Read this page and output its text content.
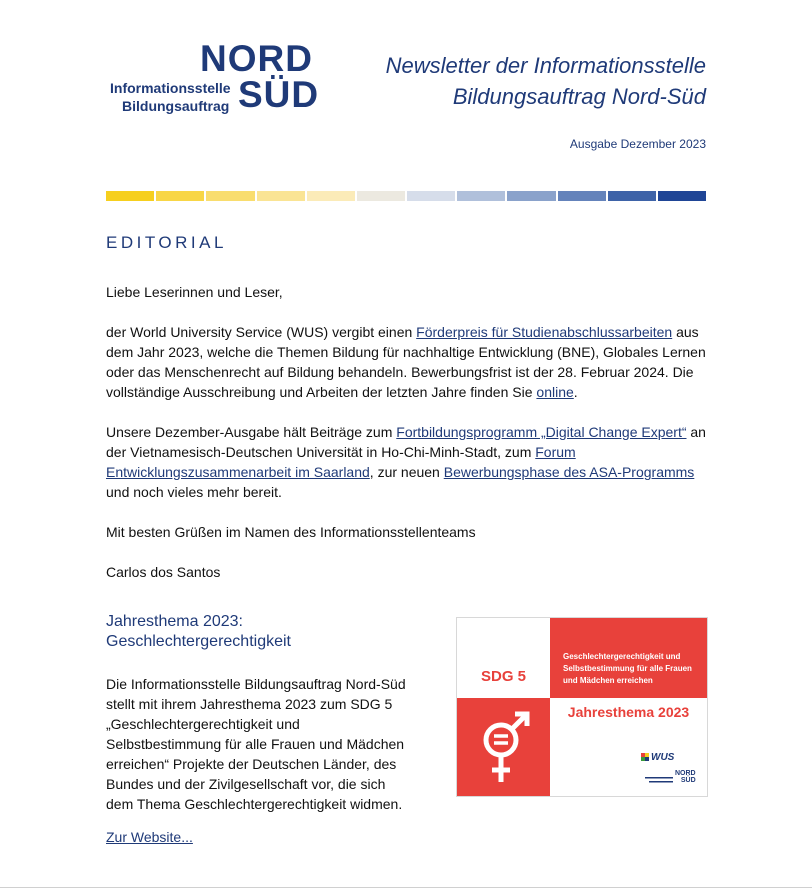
NORD
SÜD
Informationsstelle
Bildungsauftrag
Newsletter der Informationsstelle
Bildungsauftrag Nord-Süd
Ausgabe Dezember 2023
EDITORIAL

Liebe Leserinnen und Leser,

der World University Service (WUS) vergibt einen Förderpreis für Studienabschlussarbeiten aus dem Jahr 2023, welche die Themen Bildung für nachhaltige Entwicklung (BNE), Globales Lernen oder das Menschenrecht auf Bildung behandeln. Bewerbungsfrist ist der 28. Februar 2024. Die vollständige Ausschreibung und Arbeiten der letzten Jahre finden Sie online.

Unsere Dezember-Ausgabe hält Beiträge zum Fortbildungsprogramm „Digital Change Expert“ an der Vietnamesisch-Deutschen Universität in Ho-Chi-Minh-Stadt, zum Forum Entwicklungszusammenarbeit im Saarland, zur neuen Bewerbungsphase des ASA-Programms und noch vieles mehr bereit.

Mit besten Grüßen im Namen des Informationsstellenteams

Carlos dos Santos

Jahresthema 2023:
Geschlechtergerechtigkeit

Die Informationsstelle Bildungsauftrag Nord-Süd stellt mit ihrem Jahresthema 2023 zum SDG 5 „Geschlechtergerechtigkeit und Selbstbestimmung für alle Frauen und Mädchen erreichen“ Projekte der Deutschen Länder, des Bundes und der Zivilgesellschaft vor, die sich dem Thema Geschlechtergerechtigkeit widmen.

Zur Website...
SDG 5
Geschlechtergerechtigkeit und Selbstbestimmung für alle Frauen und Mädchen erreichen
Jahresthema 2023
WUS
NORD
SÜD
